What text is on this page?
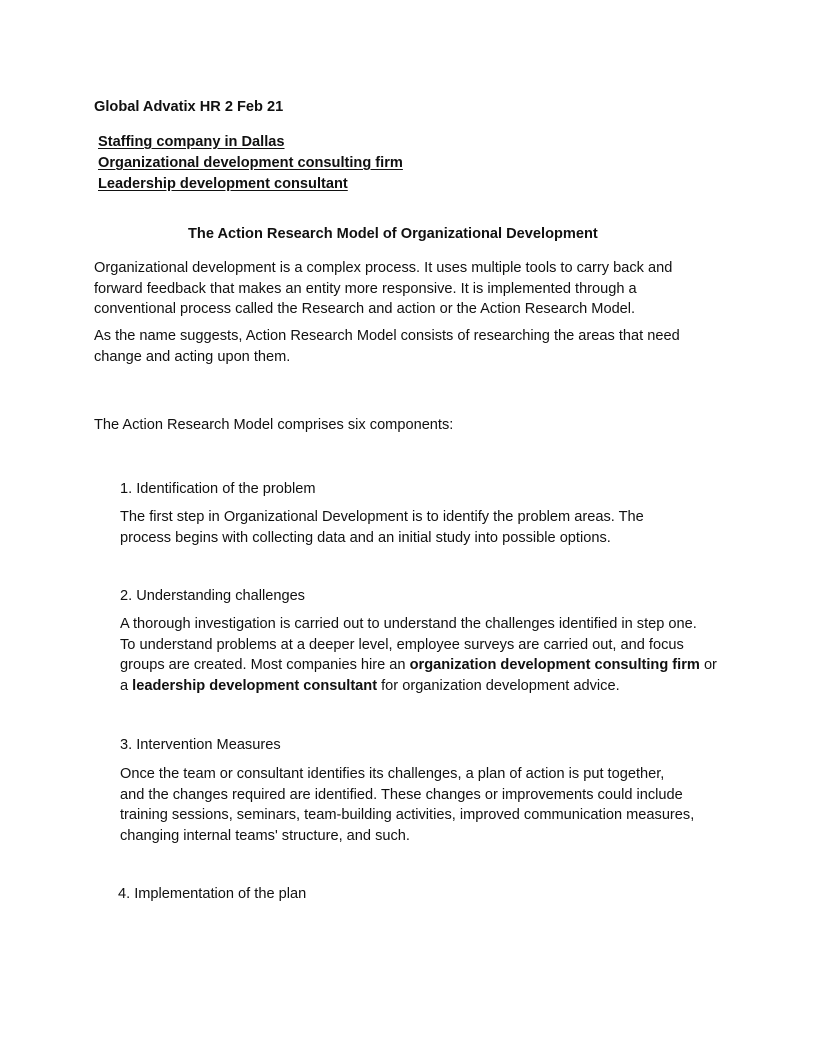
Global Advatix HR 2 Feb 21
Staffing company in Dallas
Organizational development consulting firm
Leadership development consultant
The Action Research Model of Organizational Development
Organizational development is a complex process. It uses multiple tools to carry back and
forward feedback that makes an entity more responsive. It is implemented through a
conventional process called the Research and action or the Action Research Model.
As the name suggests, Action Research Model consists of researching the areas that need
change and acting upon them.
The Action Research Model comprises six components:
1. Identification of the problem
The first step in Organizational Development is to identify the problem areas. The
process begins with collecting data and an initial study into possible options.
2. Understanding challenges
A thorough investigation is carried out to understand the challenges identified in step one.
To understand problems at a deeper level, employee surveys are carried out, and focus
groups are created. Most companies hire an organization development consulting firm or
a leadership development consultant for organization development advice.
3. Intervention Measures
Once the team or consultant identifies its challenges, a plan of action is put together,
and the changes required are identified. These changes or improvements could include
training sessions, seminars, team-building activities, improved communication measures,
changing internal teams' structure, and such.
4. Implementation of the plan
